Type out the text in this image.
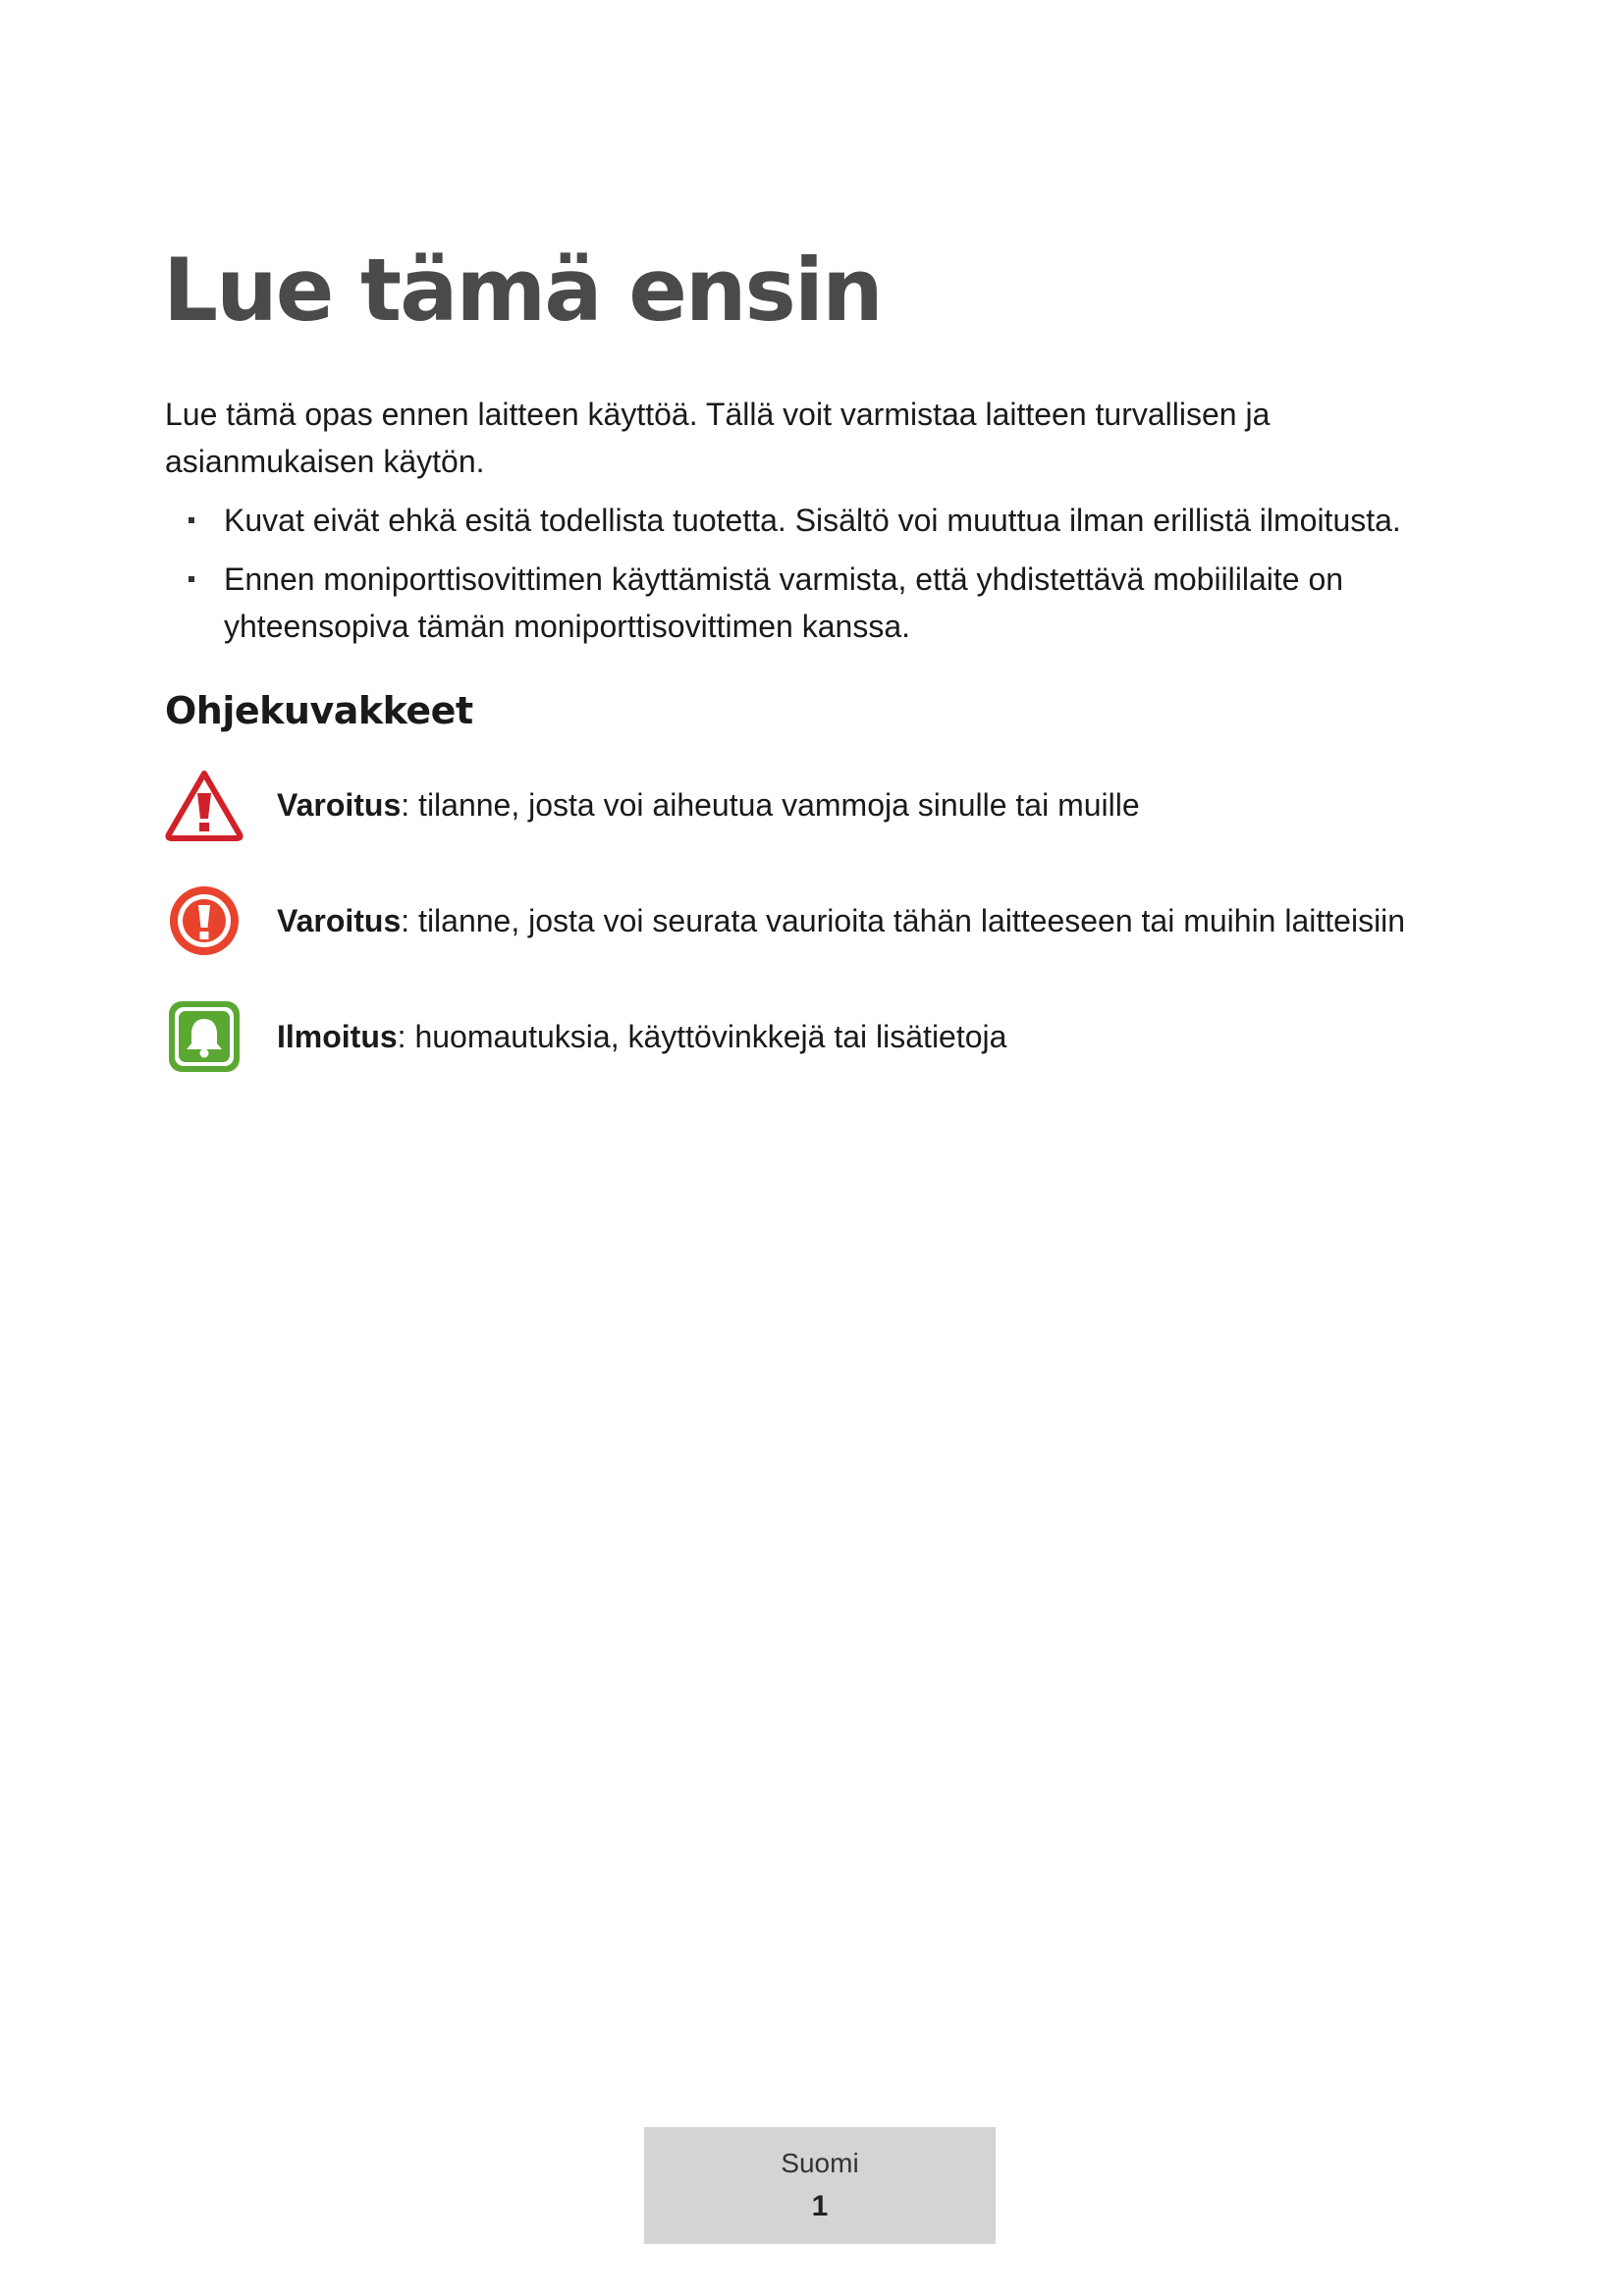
Lue tämä ensin

Lue tämä opas ennen laitteen käyttöä. Tällä voit varmistaa laitteen turvallisen ja asianmukaisen käytön.

Kuvat eivät ehkä esitä todellista tuotetta. Sisältö voi muuttua ilman erillistä ilmoitusta.
Ennen moniporttisovittimen käyttämistä varmista, että yhdistettävä mobiililaite on yhteensopiva tämän moniporttisovittimen kanssa.
Ohjekuvakkeet
Varoitus: tilanne, josta voi aiheutua vammoja sinulle tai muille
Varoitus: tilanne, josta voi seurata vaurioita tähän laitteeseen tai muihin laitteisiin
Ilmoitus: huomautuksia, käyttövinkkejä tai lisätietoja
Suomi
1
